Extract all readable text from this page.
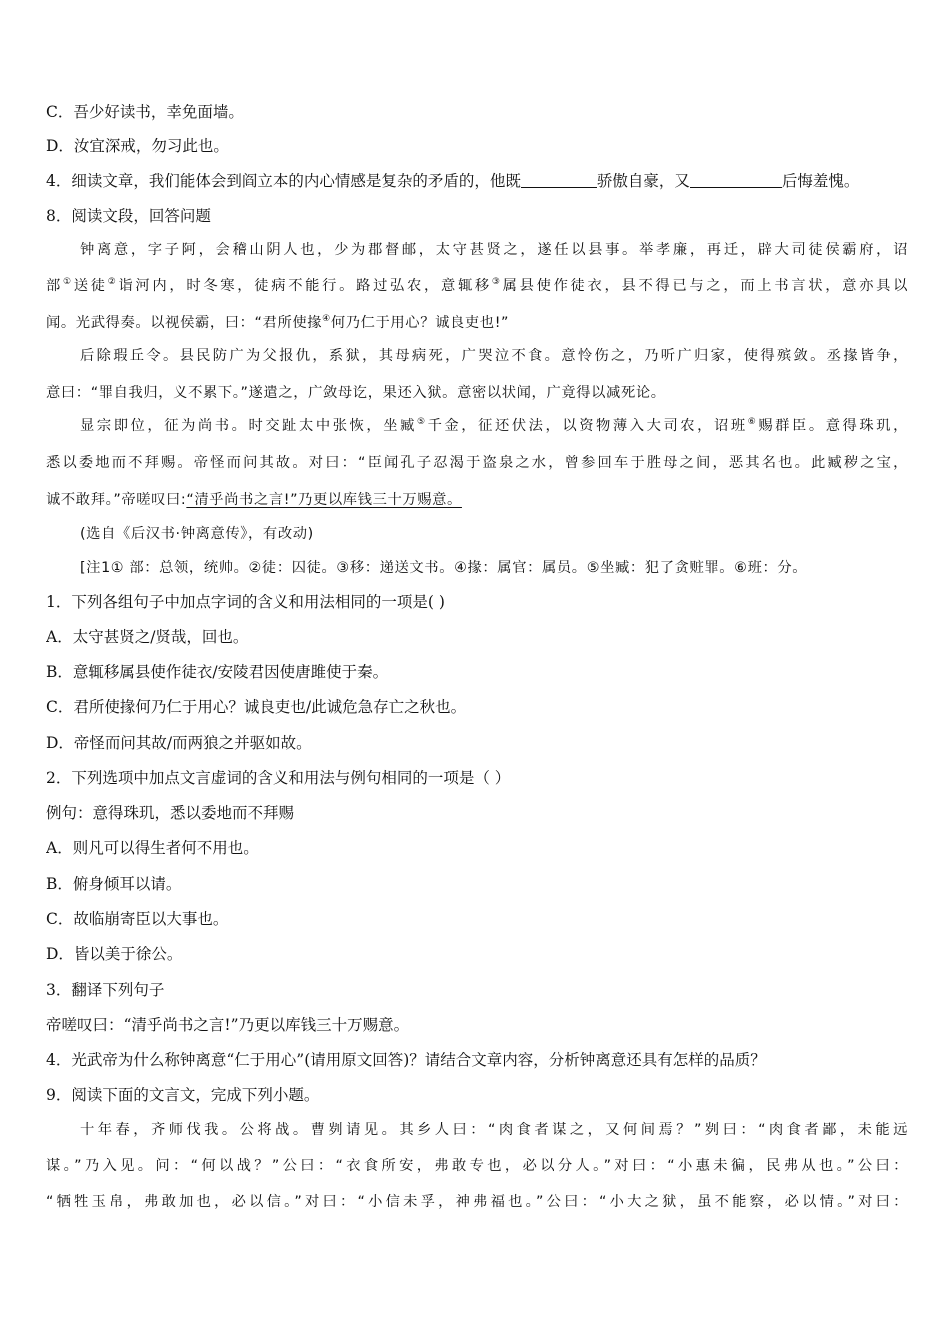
C．吾少好读书，幸免面墙。
D．汝宜深戒，勿习此也。
4．细读文章，我们能体会到阎立本的内心情感是复杂的矛盾的，他既	骄傲自豪，又	后悔羞愧。
8．阅读文段，回答问题
钟离意，字子阿，会稽山阴人也，少为郡督邮，太守甚贤之，遂任以县事。举孝廉，再迁，辟大司徒侯霸府，诏
部①送徒②诣河内，时冬寒，徒病不能行。路过弘农，意辄移③属县使作徒衣，县不得已与之，而上书言状，意亦具以
闻。光武得奏。以视侯霸，曰：“君所使掾④何乃仁于用心？诚良吏也!”
后除瑕丘令。县民防广为父报仇，系狱，其母病死，广哭泣不食。意怜伤之，乃听广归家，使得殡敛。丞掾皆争，
意曰：“罪自我归，义不累下。”遂遣之，广敛母讫，果还入狱。意密以状闻，广竟得以减死论。
显宗即位，征为尚书。时交趾太中张恢，坐臧⑤千金，征还伏法，以资物薄入大司农，诏班⑥赐群臣。意得珠玑，
悉以委地而不拜赐。帝怪而问其故。对曰：“臣闻孔子忍渴于盗泉之水，曾参回车于胜母之间，恶其名也。此臧秽之宝，
诚不敢拜。”帝嗟叹曰:“清乎尚书之言!”乃更以库钱三十万赐意。
(选自《后汉书·钟离意传》，有改动)
[注1① 部：总领，统帅。②徒：囚徒。③移：递送文书。④掾：属官：属员。⑤坐臧：犯了贪赃罪。⑥班：分。
1．下列各组句子中加点字词的含义和用法相同的一项是( )
A．太守甚贤之/贤哉，回也。
B．意辄移属县使作徒衣/安陵君因使唐雎使于秦。
C．君所使掾何乃仁于用心？诚良吏也/此诚危急存亡之秋也。
D．帝怪而问其故/而两狼之并驱如故。
2．下列选项中加点文言虚词的含义和用法与例句相同的一项是（ ）
例句：意得珠玑，悉以委地而不拜赐
A．则凡可以得生者何不用也。
B．俯身倾耳以请。
C．故临崩寄臣以大事也。
D．皆以美于徐公。
3．翻译下列句子
帝嗟叹曰：“清乎尚书之言!”乃更以库钱三十万赐意。
4．光武帝为什么称钟离意“仁于用心”(请用原文回答)？请结合文章内容，分析钟离意还具有怎样的品质？
9．阅读下面的文言文，完成下列小题。
十年春，齐师伐我。公将战。曹刿请见。其乡人曰：“肉食者谋之，又何间焉？”刿曰：“肉食者鄙，未能远
谋。”乃入见。问：“何以战？”公曰：“衣食所安，弗敢专也，必以分人。”对曰：“小惠未徧，民弗从也。”公曰：
“牺牲玉帛，弗敢加也，必以信。”对曰：“小信未孚，神弗福也。”公曰：“小大之狱，虽不能察，必以情。”对曰：
